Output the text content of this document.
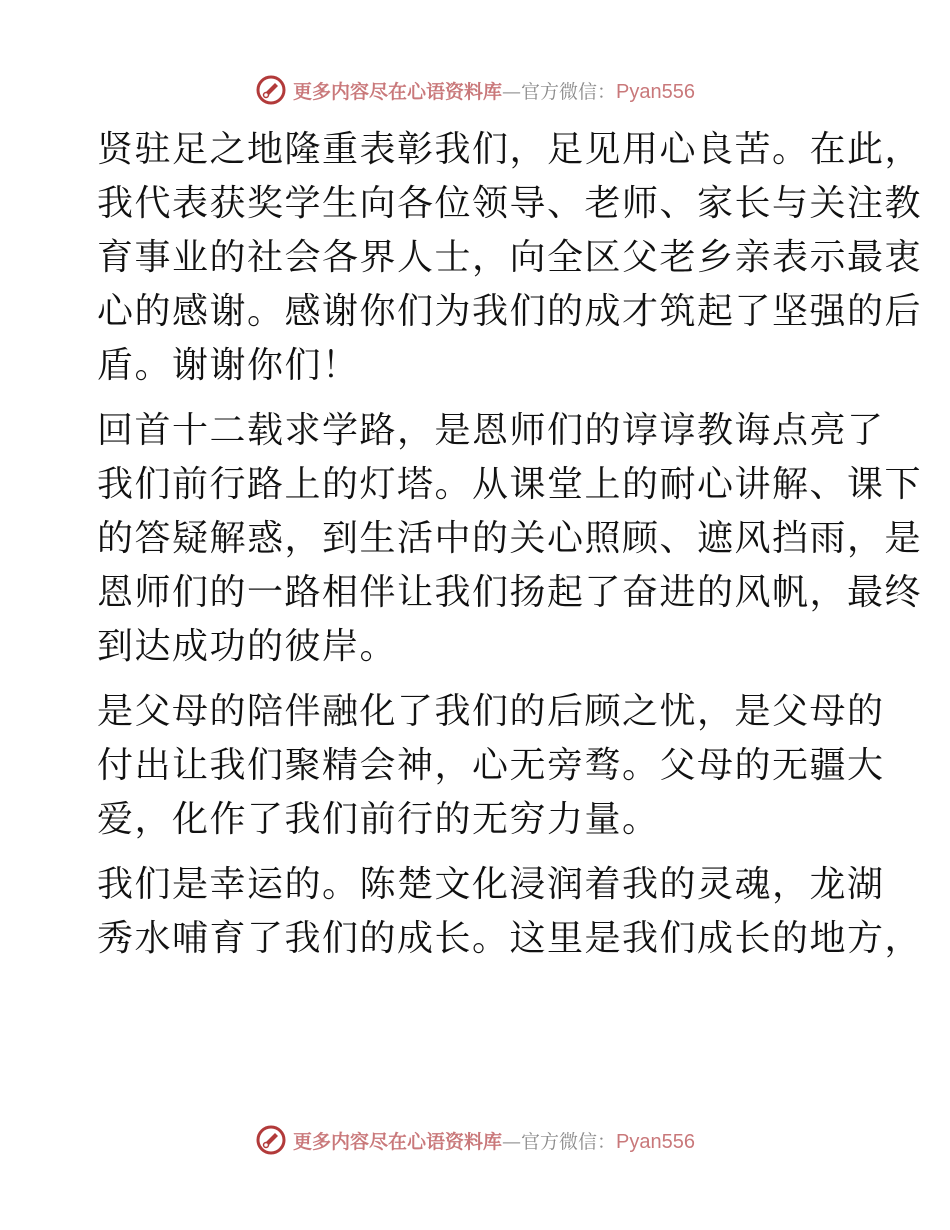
更多内容尽在心语资料库—官方微信：Pyan556
贤驻足之地隆重表彰我们，足见用心良苦。在此，
我代表获奖学生向各位领导、老师、家长与关注教
育事业的社会各界人士，向全区父老乡亲表示最衷
心的感谢。感谢你们为我们的成才筑起了坚强的后
盾。谢谢你们！
回首十二载求学路，是恩师们的谆谆教诲点亮了
我们前行路上的灯塔。从课堂上的耐心讲解、课下
的答疑解惑，到生活中的关心照顾、遮风挡雨，是
恩师们的一路相伴让我们扬起了奋进的风帆，最终
到达成功的彼岸。
是父母的陪伴融化了我们的后顾之忧，是父母的
付出让我们聚精会神，心无旁骛。父母的无疆大
爱，化作了我们前行的无穷力量。
我们是幸运的。陈楚文化浸润着我的灵魂，龙湖
秀水哺育了我们的成长。这里是我们成长的地方，
更多内容尽在心语资料库—官方微信：Pyan556
